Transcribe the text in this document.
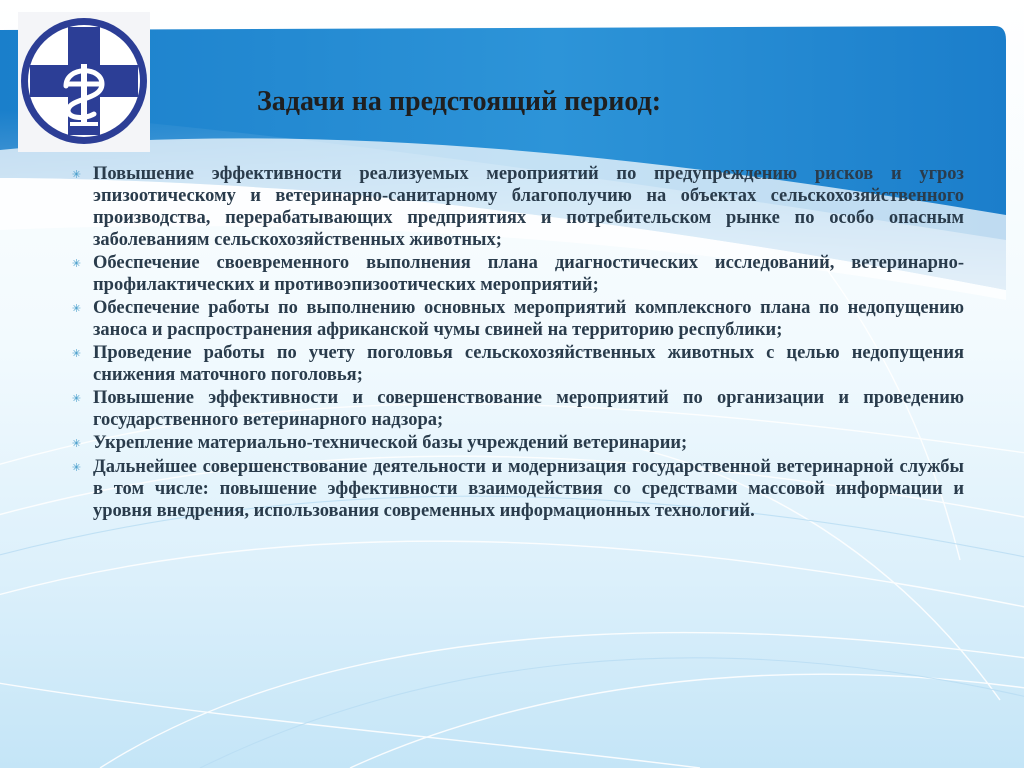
Задачи на предстоящий период:
✳ Повышение эффективности реализуемых мероприятий по предупреждению рисков и угроз эпизоотическому и ветеринарно-санитарному благополучию на объектах сельскохозяйственного производства, перерабатывающих предприятиях и потребительском рынке по особо опасным заболеваниям сельскохозяйственных животных;

✳ Обеспечение своевременного выполнения плана диагностических исследований, ветеринарно-профилактических и противоэпизоотических мероприятий;

✳ Обеспечение работы по выполнению основных мероприятий комплексного плана по недопущению заноса и распространения африканской чумы свиней на территорию республики;

✳ Проведение работы по учету поголовья сельскохозяйственных животных с целью недопущения снижения маточного поголовья;

✳ Повышение эффективности и совершенствование мероприятий по организации и проведению государственного ветеринарного надзора;

✳ Укрепление материально-технической базы учреждений ветеринарии;

✳ Дальнейшее совершенствование деятельности и модернизация государственной ветеринарной службы в том числе: повышение эффективности взаимодействия со средствами массовой информации и уровня внедрения, использования современных информационных технологий.
